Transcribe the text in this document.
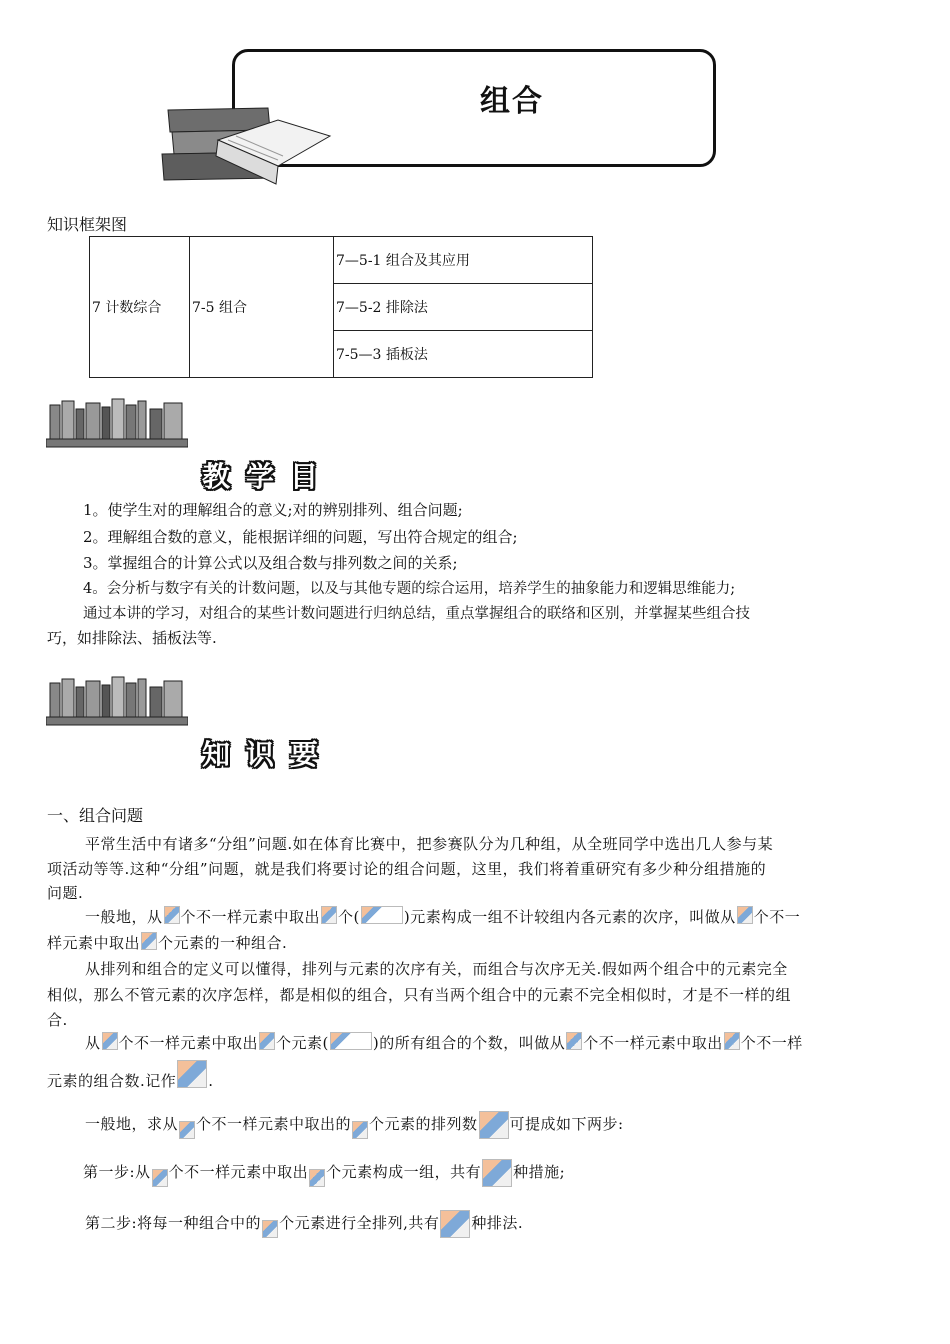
组合
知识框架图
7 计数综合	7-5 组合	7—5-1 组合及其应用
7—5-2 排除法
7-5—3 插板法
教学目
1。使学生对的理解组合的意义;对的辨别排列、组合问题;
2。理解组合数的意义，能根据详细的问题，写出符合规定的组合;
3。掌握组合的计算公式以及组合数与排列数之间的关系;
4。会分析与数字有关的计数问题，以及与其他专题的综合运用，培养学生的抽象能力和逻辑思维能力;
通过本讲的学习，对组合的某些计数问题进行归纳总结，重点掌握组合的联络和区别，并掌握某些组合技
巧，如排除法、插板法等.
知识要
一、组合问题
平常生活中有诸多“分组”问题.如在体育比赛中，把参赛队分为几种组，从全班同学中选出几人参与某
项活动等等.这种“分组”问题，就是我们将要讨论的组合问题，这里，我们将着重研究有多少种分组措施的
问题.
一般地，从 个不一样元素中取出 个(	)元素构成一组不计较组内各元素的次序，叫做从 个不一
样元素中取出 个元素的一种组合.
从排列和组合的定义可以懂得，排列与元素的次序有关，而组合与次序无关.假如两个组合中的元素完全
相似，那么不管元素的次序怎样，都是相似的组合，只有当两个组合中的元素不完全相似时，才是不一样的组
合.
从 个不一样元素中取出 个元素(	)的所有组合的个数，叫做从 个不一样元素中取出 个不一样
元素的组合数.记作 .
一般地，求从 个不一样元素中取出的 个元素的排列数 可提成如下两步:
第一步:从 个不一样元素中取出 个元素构成一组，共有 种措施;
第二步:将每一种组合中的 个元素进行全排列,共有 种排法.
